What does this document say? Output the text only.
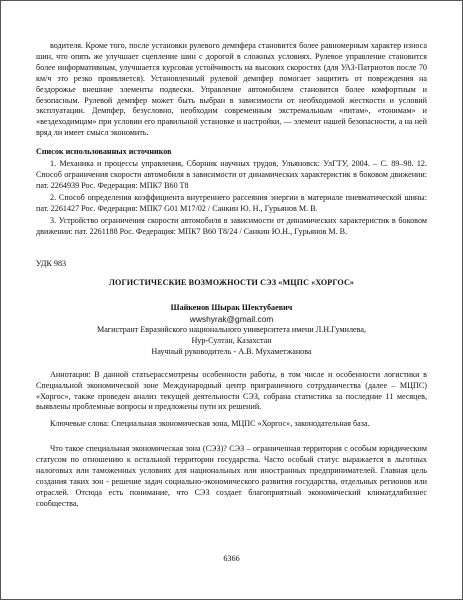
водителя. Кроме того, после установки рулевого демпфера становится более равномерным характер износа шин, что опять же улучшает сцепление шин с дорогой в сложных условиях. Рулевое управление становится более информативным, улучшается курсовая устойчивость на высоких скоростях (для УАЗ-Патриотов после 70 км/ч это резко проявляется). Установленный рулевой демпфер помогает защитить от повреждения на бездорожье внешние элементы подвески. Управление автомобилем становится более комфортным и безопасным. Рулевой демпфер может быть выбран в зависимости от необходимой жесткости и условий эксплуатации. Демпфер, безусловно, необходим современным экстремальным «питам», «тонимам» и «вездеходимцам» при условии его правильной установке и настройки, — элемент нашей безопасности, а на ней вряд ли имеет смысл экономить.

Список использованных источников

1. Механика и процессы управления, Сборник научных трудов, Ульяновск: УлГТУ, 2004. – С. 89–98. 12. Способ ограничения скорости автомобиля в зависимости от динамических характеристик в боковом движении: пат. 2264939 Рос. Федерация: МПК7 B60 T8

2. Способ определения коэффициента внутреннего рассеяния энергии в материале пневматической шины: пат. 2261427 Рос. Федерация: МПК7 G01 M17/02 / Санкин Ю. Н., Гурьянов М. В.

3. Устройство ограничения скорости автомобиля в зависимости от динамических характеристик в боковом движении: пат. 2261188 Рос. Федерация: МПК7 B60 T8/24 / Санкин Ю.Н., Гурьянов М. В.

УДК 983

ЛОГИСТИЧЕСКИЕ ВОЗМОЖНОСТИ СЭЗ «МЦПС «ХОРГОС»

Шайкенов Шырак Шектубаевич

wwshyrak@gmail.com

Магистрант Евразийского национального университета имени Л.Н.Гумилева,

Нур-Султан, Казахстан

Научный руководитель - А.В. Мухаметжанова

Аннотация: В данной статьерассмотрены особенности работы, в том числе и особенности логистики в Специальной экономической зоне Международный центр приграничного сотрудничества (далее – МЦПС) «Хоргос», также проведен анализ текущей деятельности СЭЗ, собрана статистика за последние 11 месяцев, выявлены проблемные вопросы и предложены пути их решений.

Ключевые слова: Специальная экономическая зона, МЦПС «Хоргос», законодательная база.

Что такое специальная экономическая зона (СЭЗ)? СЭЗ – ограниченная территория с особым юридическим статусом по отношению к остальной территории государства. Часто особый статус выражается в льготных налоговых или таможенных условиях для национальных или иностранных предпринимателей. Главная цель создания таких зон - решение задач социально-экономического развития государства, отдельных регионов или отраслей. Отсюда есть понимание, что СЭЗ создает благоприятный экономический климатдлябизнес сообщества.

6366
